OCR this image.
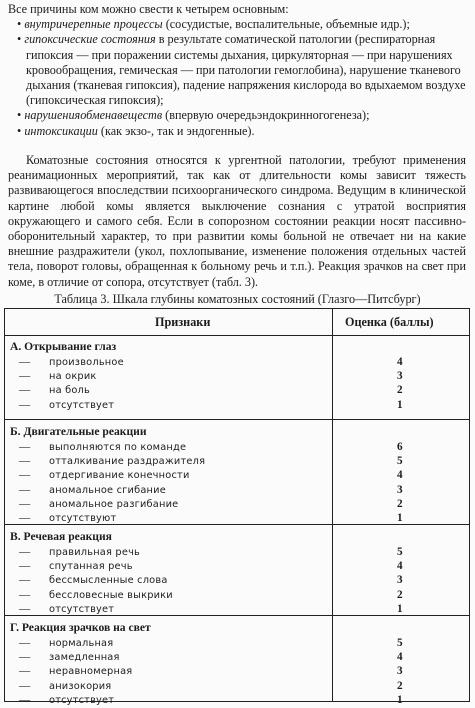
Все причины ком можно свести к четырем основным:

• внутричерепные процессы (сосудистые, воспалительные, объемные идр.);
• гипоксические состояния в результате соматической патологии (респираторная гипоксия — при поражении системы дыхания, циркуляторная — при нарушениях кровообращения, гемическая — при патологии гемоглобина), нарушение тканевого дыхания (тканевая гипоксия), падение напряжения кислорода во вдыхаемом воздухе (гипоксическая гипоксия);
• нарушенияобменавеществ (впервую очередьэндокринногогенеза);
• интоксикации (как экзо-, так и эндогенные).

Коматозные состояния относятся к ургентной патологии, требуют применения реанимационных мероприятий, так как от длительности комы зависит тяжесть развивающегося впоследствии психоорганического синдрома. Ведущим в клинической картине любой комы является выключение сознания с утратой восприятия окружающего и самого себя. Если в сопорозном состоянии реакции носят пассивно-оборонительный характер, то при развитии комы больной не отвечает ни на какие внешние раздражители (укол, похлопывание, изменение положения отдельных частей тела, поворот головы, обращенная к больному речь и т.п.). Реакция зрачков на свет при коме, в отличие от сопора, отсутствует (табл. 3).

Таблица 3. Шкала глубины коматозных состояний (Глазго—Питсбург)
Признаки	Оценка (баллы)
А. Открывание глаз
— произвольное	4
— на окрик	3
— на боль	2
— отсутствует	1
Б. Двигательные реакции
— выполняются по команде	6
— отталкивание раздражителя	5
— отдергивание конечности	4
— аномальное сгибание	3
— аномальное разгибание	2
— отсутствуют	1
В. Речевая реакция
— правильная речь	5
— спутанная речь	4
— бессмысленные слова	3
— бессловесные выкрики	2
— отсутствует	1
Г. Реакция зрачков на свет
— нормальная	5
— замедленная	4
— неравномерная	3
— анизокория	2
— отсутствует	1
